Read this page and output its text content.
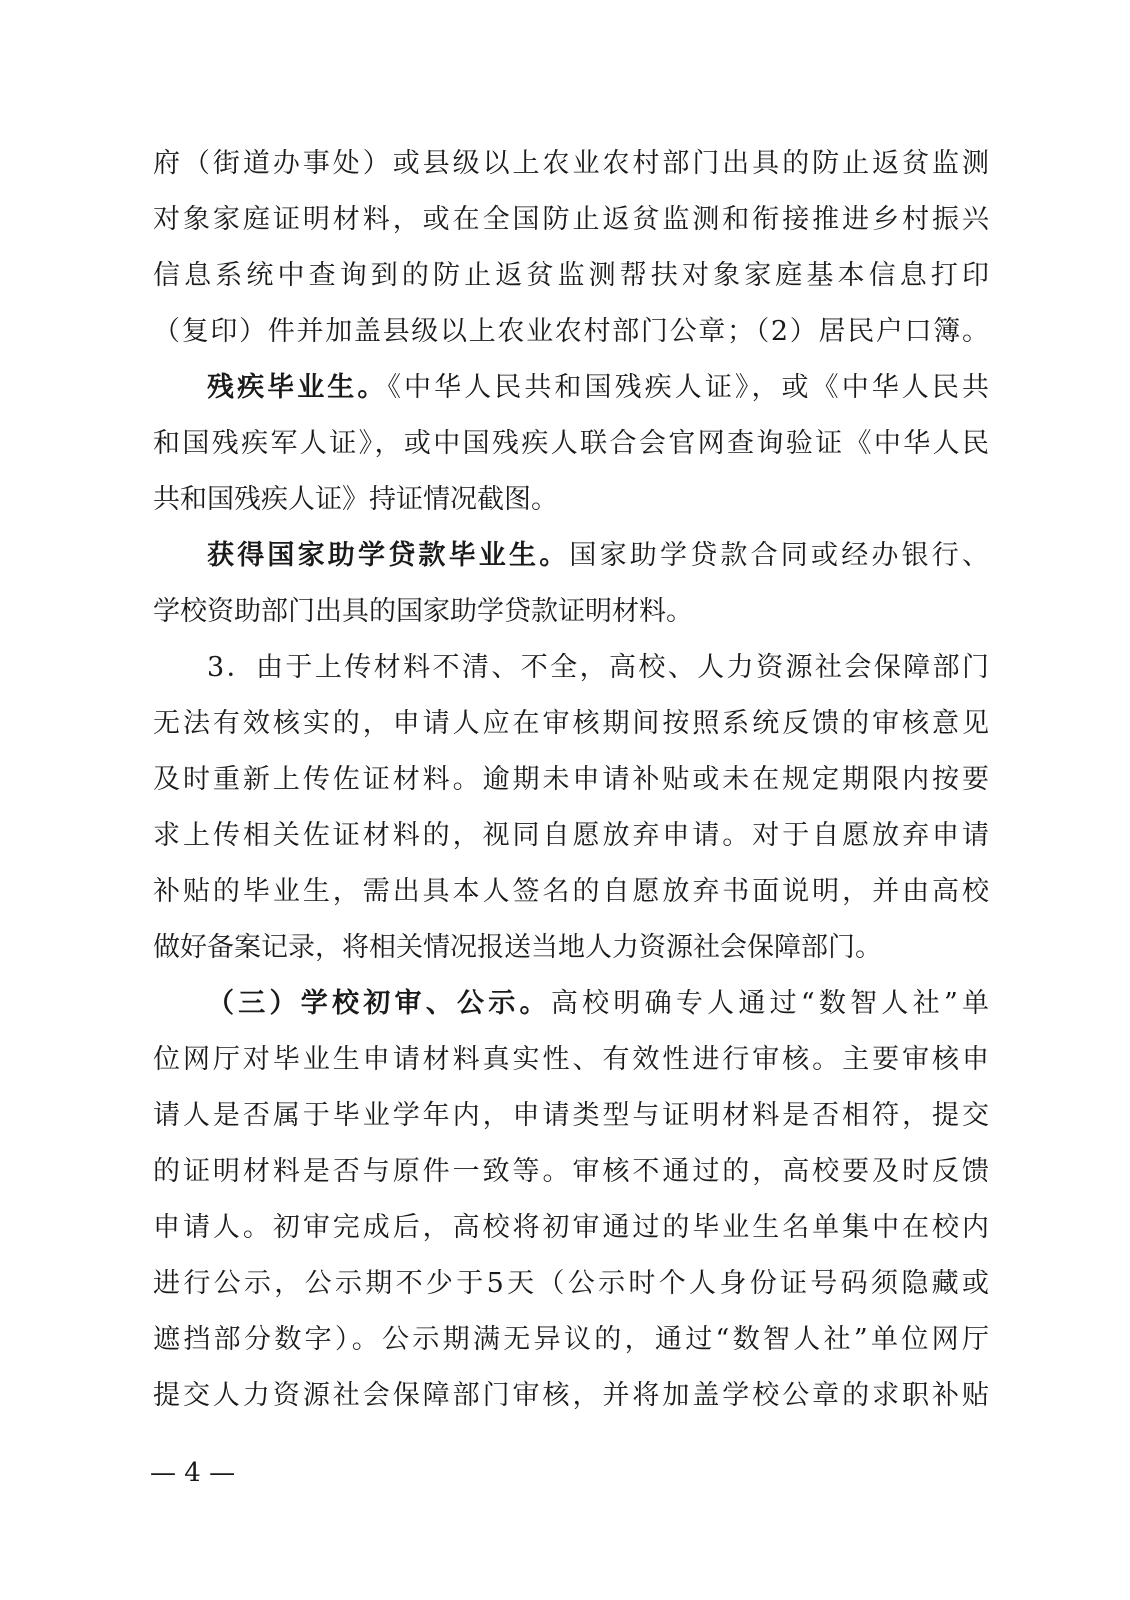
府（街道办事处）或县级以上农业农村部门出具的防止返贫监测
对象家庭证明材料，或在全国防止返贫监测和衔接推进乡村振兴
信息系统中查询到的防止返贫监测帮扶对象家庭基本信息打印
（复印）件并加盖县级以上农业农村部门公章；（2）居民户口簿。
残疾毕业生。《中华人民共和国残疾人证》，或《中华人民共
和国残疾军人证》，或中国残疾人联合会官网查询验证《中华人民
共和国残疾人证》持证情况截图。
获得国家助学贷款毕业生。国家助学贷款合同或经办银行、
学校资助部门出具的国家助学贷款证明材料。
3．由于上传材料不清、不全，高校、人力资源社会保障部门
无法有效核实的，申请人应在审核期间按照系统反馈的审核意见
及时重新上传佐证材料。逾期未申请补贴或未在规定期限内按要
求上传相关佐证材料的，视同自愿放弃申请。对于自愿放弃申请
补贴的毕业生，需出具本人签名的自愿放弃书面说明，并由高校
做好备案记录，将相关情况报送当地人力资源社会保障部门。
（三）学校初审、公示。高校明确专人通过“数智人社”单
位网厅对毕业生申请材料真实性、有效性进行审核。主要审核申
请人是否属于毕业学年内，申请类型与证明材料是否相符，提交
的证明材料是否与原件一致等。审核不通过的，高校要及时反馈
申请人。初审完成后，高校将初审通过的毕业生名单集中在校内
进行公示，公示期不少于5天（公示时个人身份证号码须隐藏或
遮挡部分数字）。公示期满无异议的，通过“数智人社”单位网厅
提交人力资源社会保障部门审核，并将加盖学校公章的求职补贴
— 4 —
